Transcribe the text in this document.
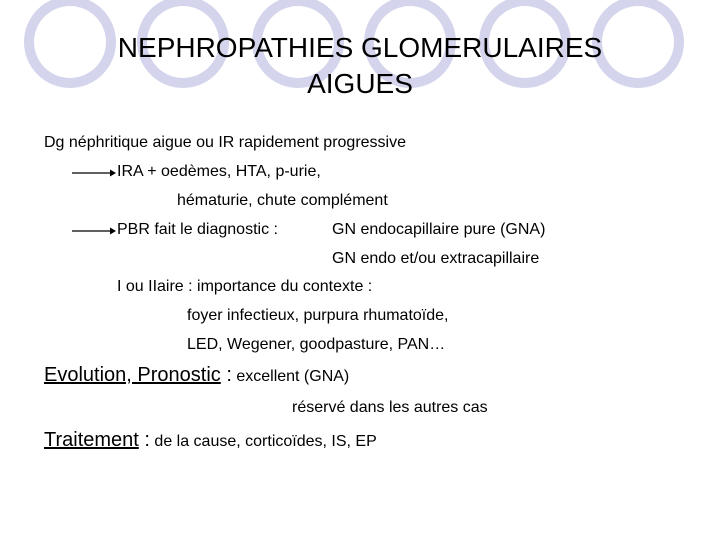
NEPHROPATHIES GLOMERULAIRES
AIGUES
Dg néphritique aigue ou IR rapidement progressive
IRA + oedèmes, HTA, p-urie,
hématurie, chute complément
PBR fait le diagnostic :	GN endocapillaire pure (GNA)
GN endo et/ou extracapillaire
I ou IIaire : importance du contexte :
foyer infectieux, purpura rhumatoïde,
LED, Wegener, goodpasture, PAN…
Evolution, Pronostic : excellent (GNA)
réservé dans les autres cas
Traitement : de la cause, corticoïdes, IS, EP
